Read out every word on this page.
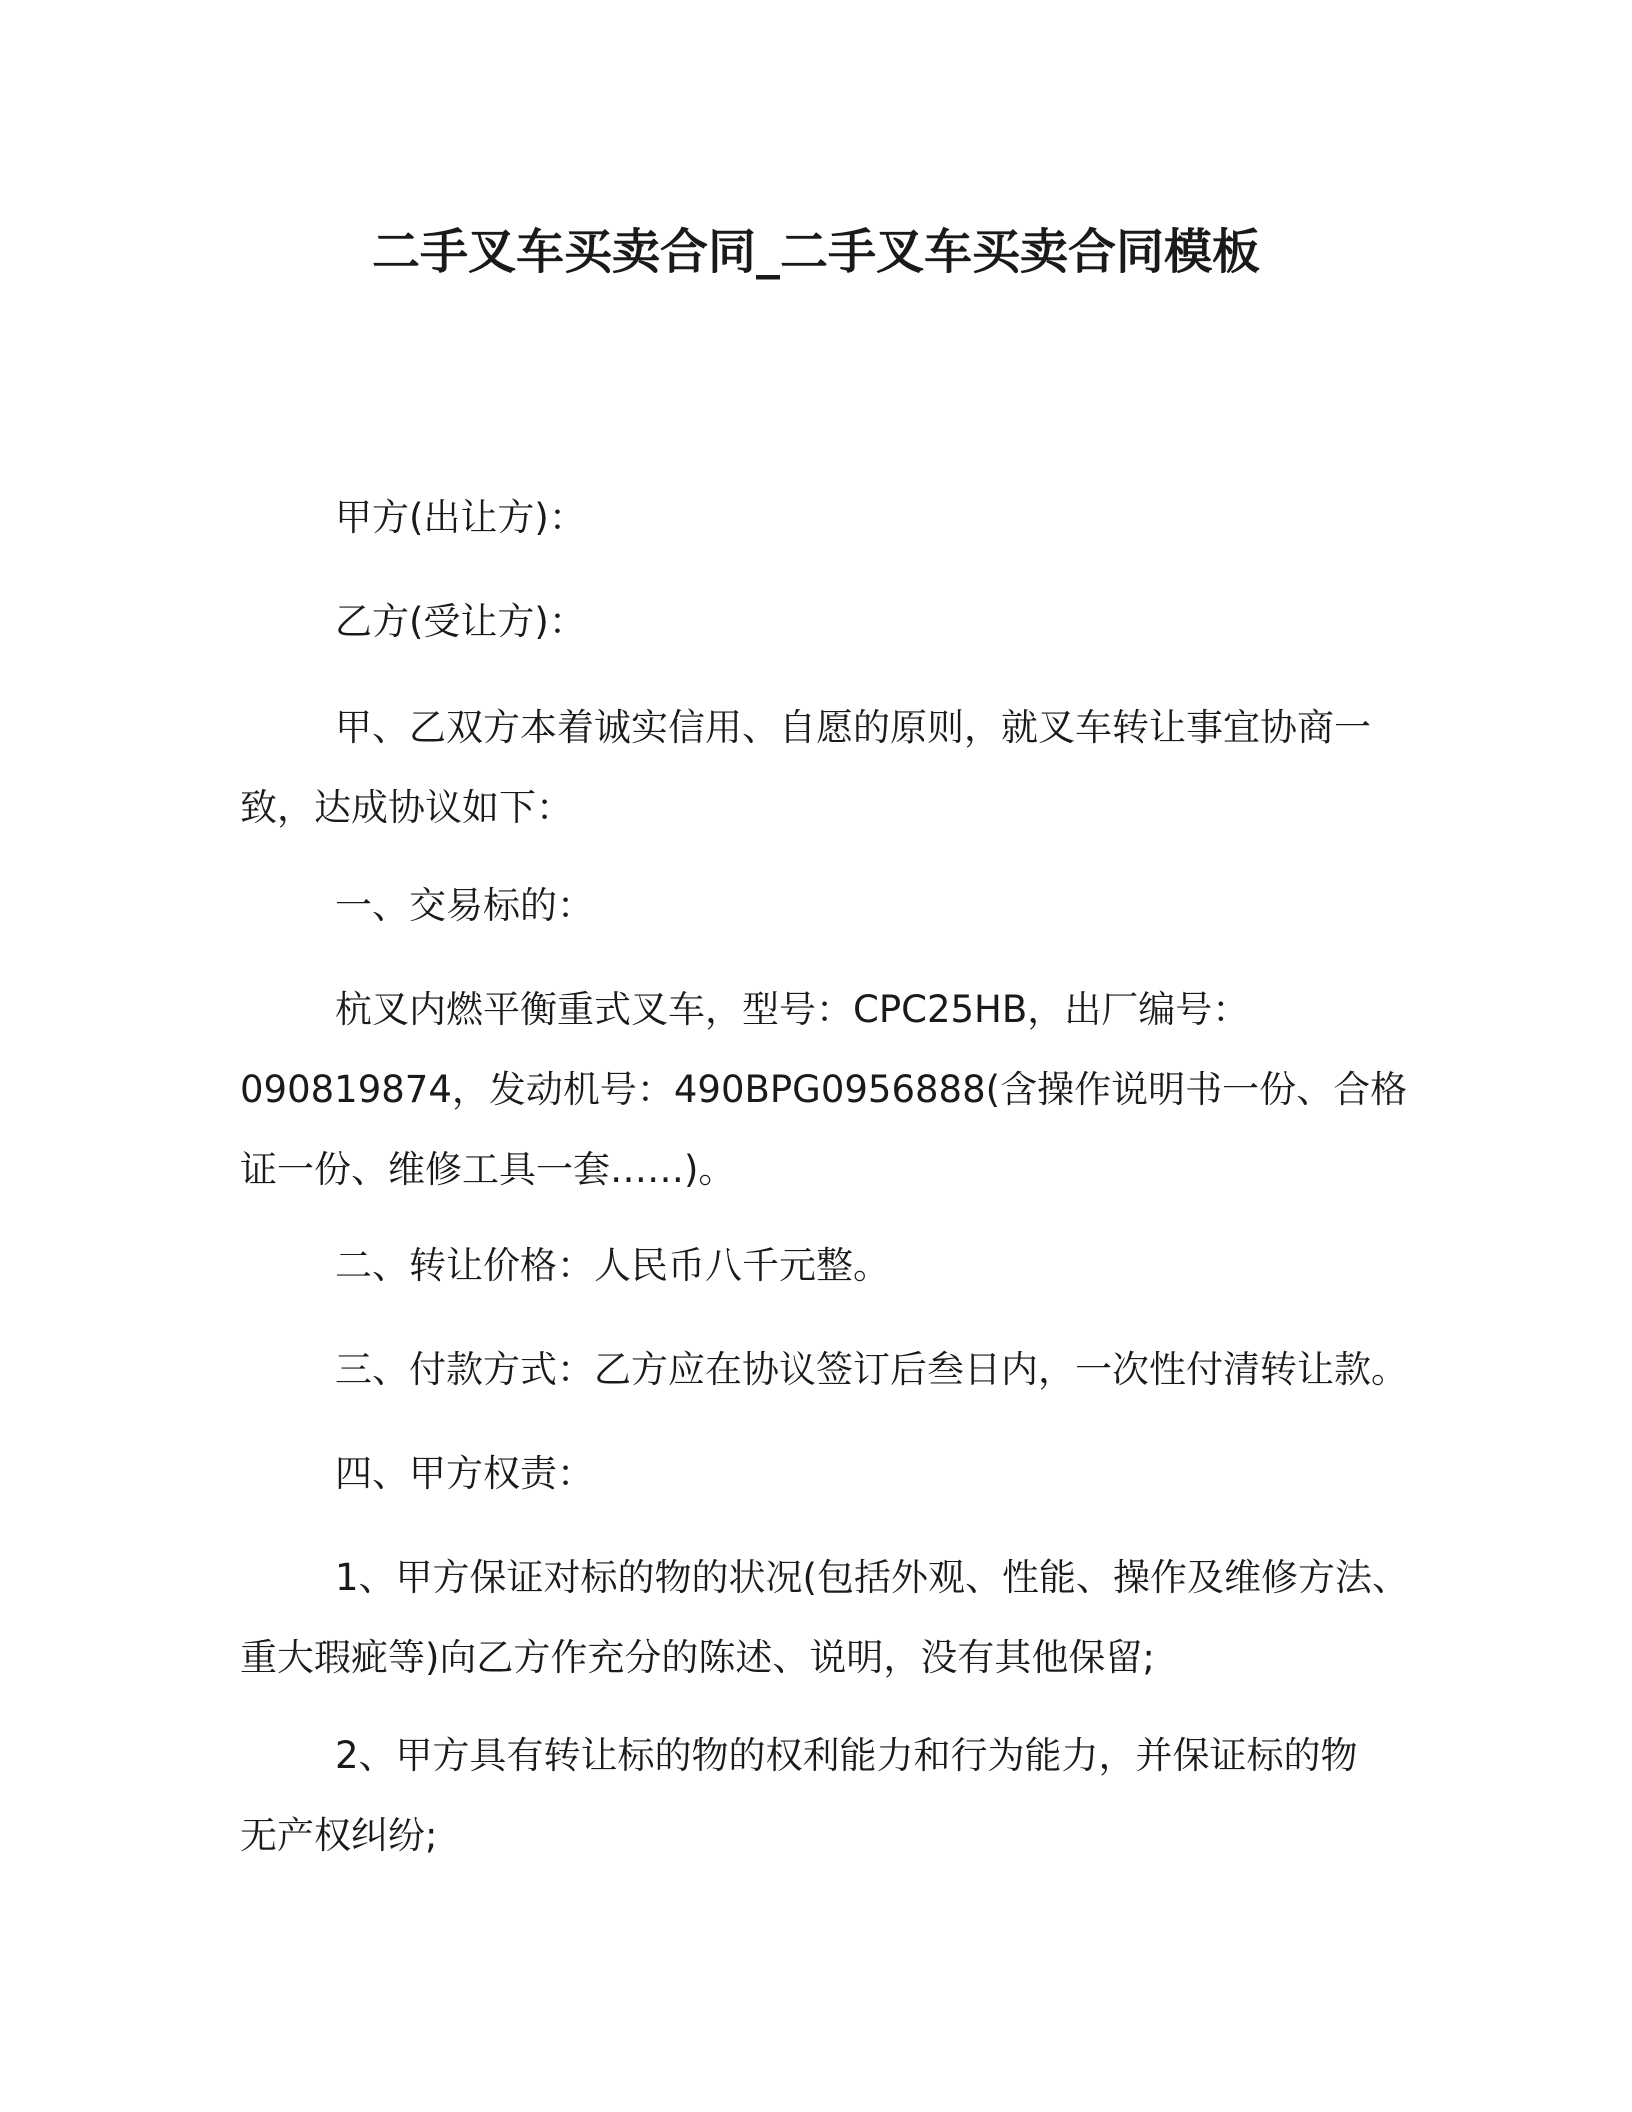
二手叉车买卖合同_二手叉车买卖合同模板
甲方(出让方)：
乙方(受让方)：
甲、乙双方本着诚实信用、自愿的原则，就叉车转让事宜协商一
致，达成协议如下：
一、交易标的：
杭叉内燃平衡重式叉车，型号：CPC25HB，出厂编号：
090819874，发动机号：490BPG0956888(含操作说明书一份、合格
证一份、维修工具一套……)。
二、转让价格：人民币八千元整。
三、付款方式：乙方应在协议签订后叁日内，一次性付清转让款。
四、甲方权责：
1、甲方保证对标的物的状况(包括外观、性能、操作及维修方法、
重大瑕疵等)向乙方作充分的陈述、说明，没有其他保留;
2、甲方具有转让标的物的权利能力和行为能力，并保证标的物
无产权纠纷;
